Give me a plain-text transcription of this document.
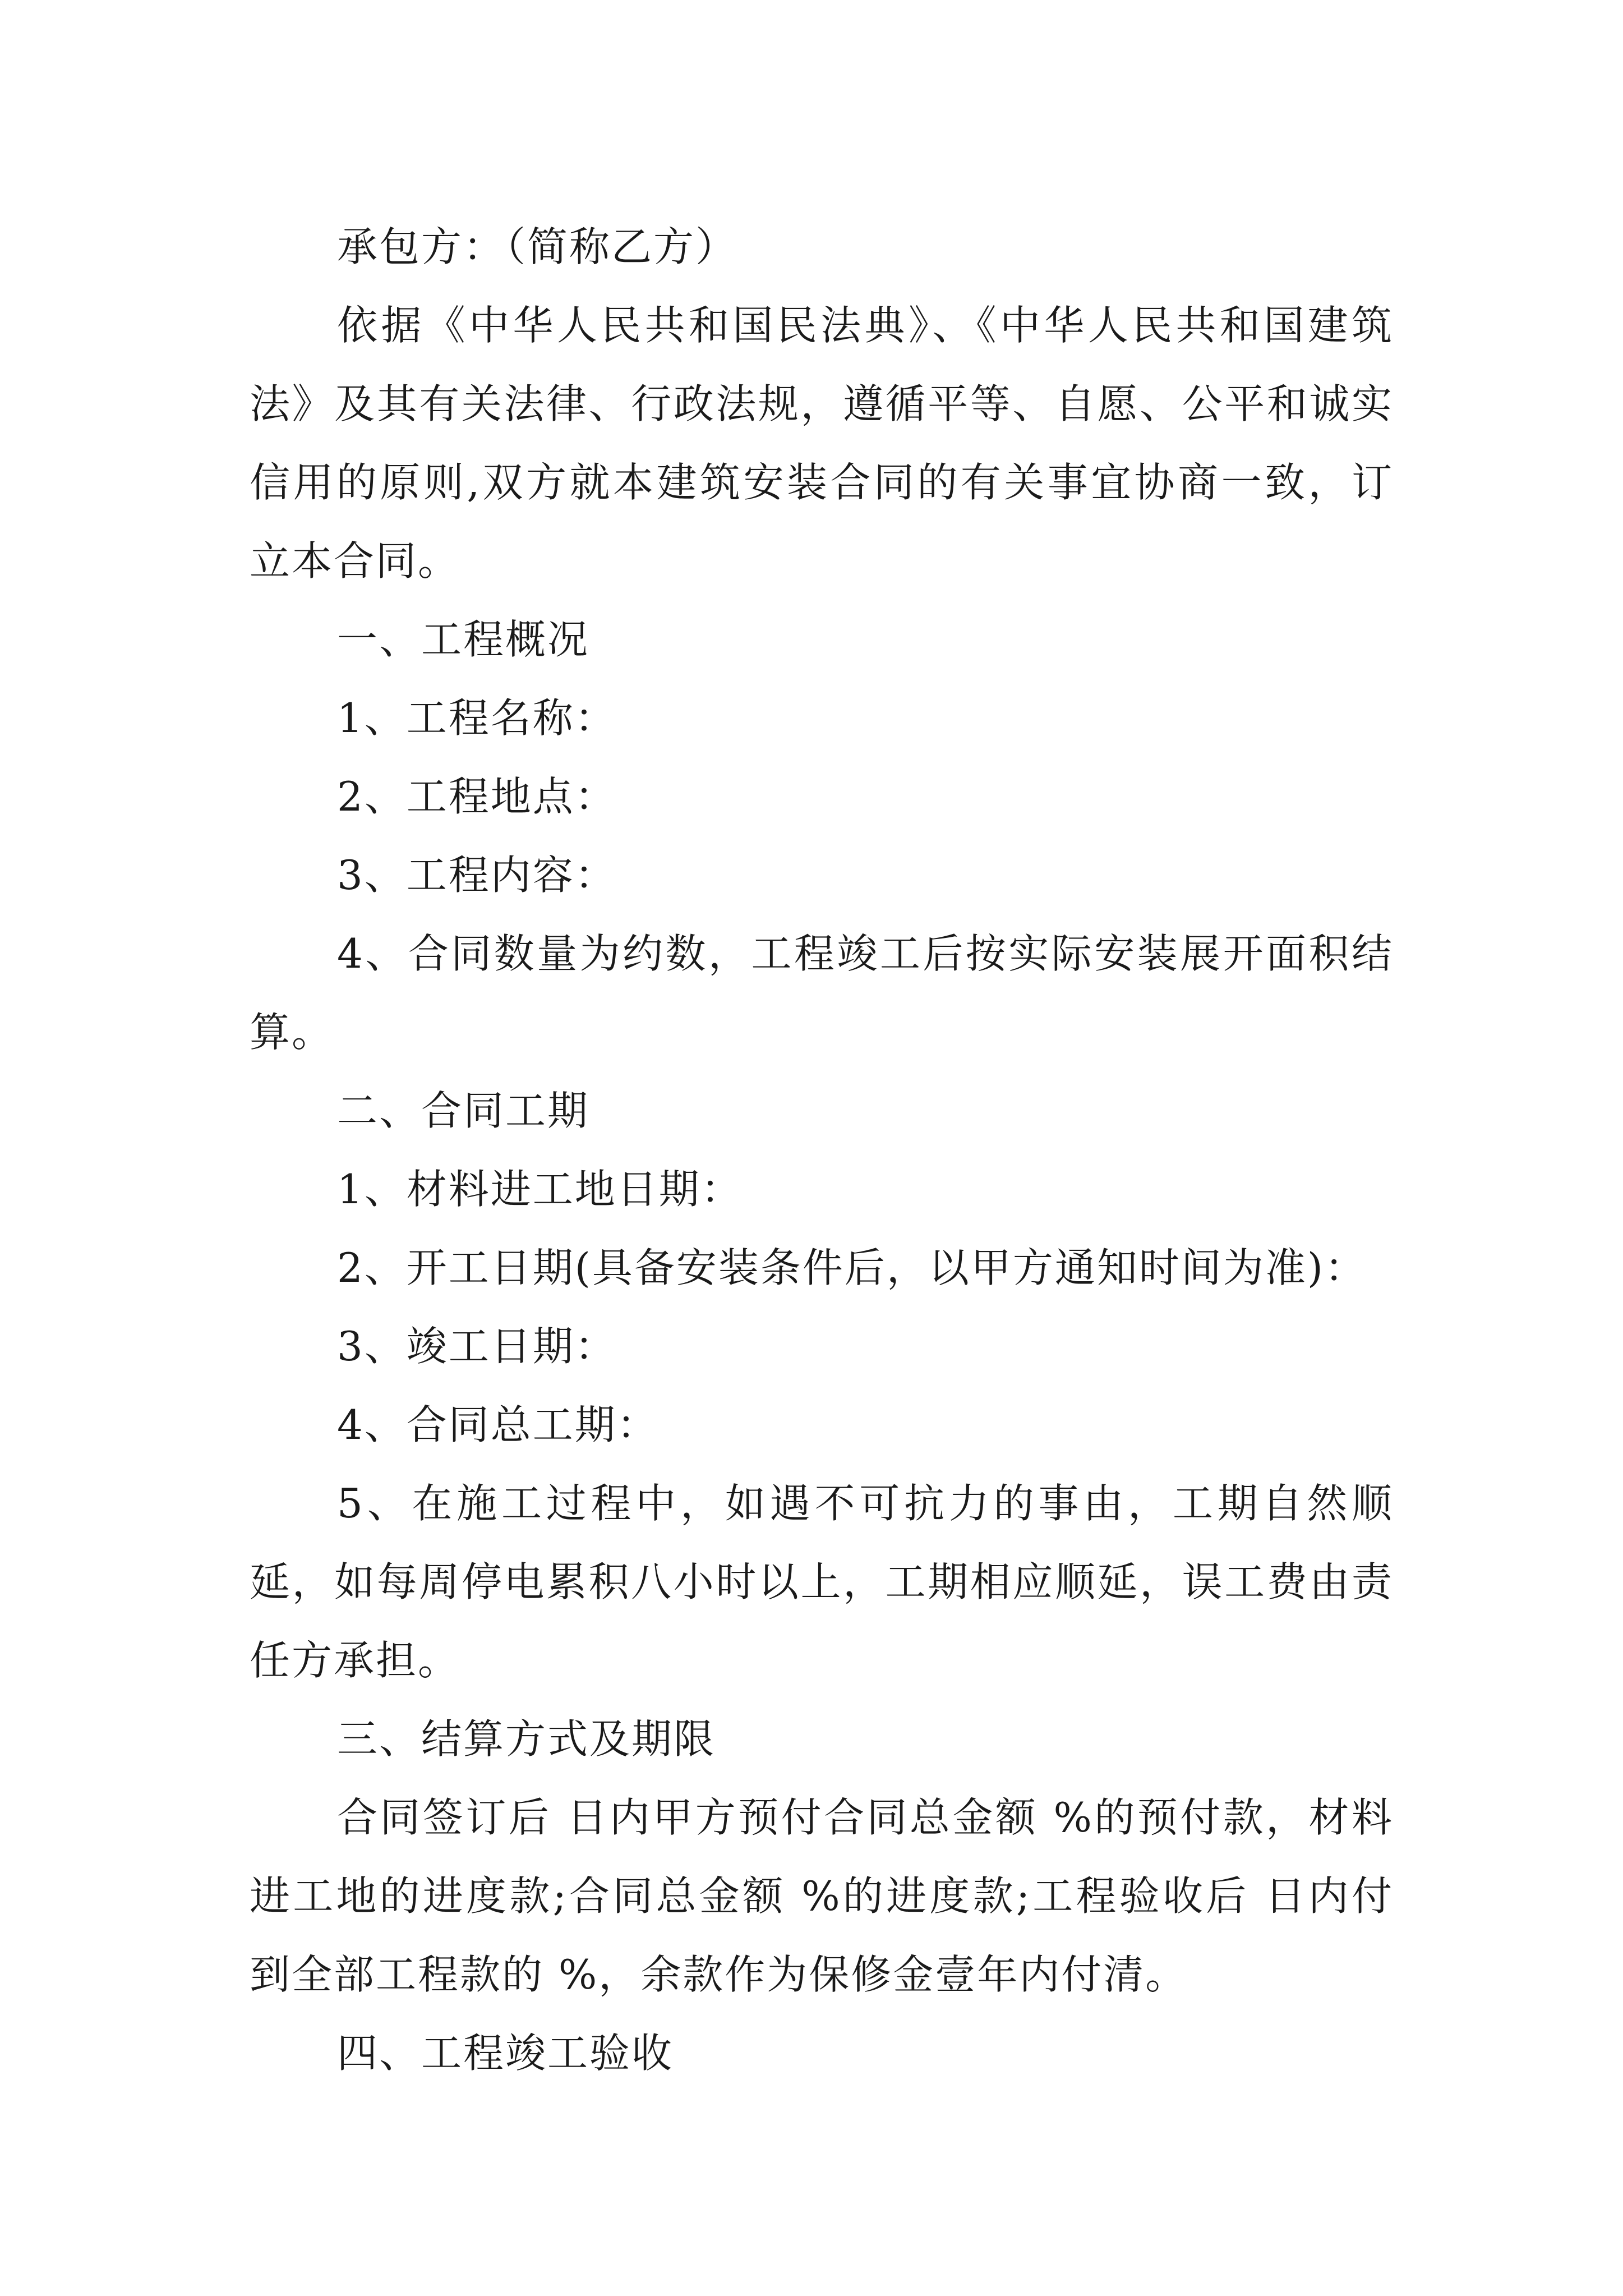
承包方：（简称乙方）

依据《中华人民共和国民法典》、《中华人民共和国建筑法》及其有关法律、行政法规，遵循平等、自愿、公平和诚实信用的原则,双方就本建筑安装合同的有关事宜协商一致，订立本合同。

一、工程概况

1、工程名称：

2、工程地点：

3、工程内容：

4、合同数量为约数，工程竣工后按实际安装展开面积结算。

二、合同工期

1、材料进工地日期：

2、开工日期(具备安装条件后，以甲方通知时间为准)：

3、竣工日期：

4、合同总工期：

5、在施工过程中，如遇不可抗力的事由，工期自然顺延，如每周停电累积八小时以上，工期相应顺延，误工费由责任方承担。

三、结算方式及期限

合同签订后 日内甲方预付合同总金额 %的预付款，材料进工地的进度款;合同总金额 %的进度款;工程验收后 日内付到全部工程款的 %，余款作为保修金壹年内付清。

四、工程竣工验收
